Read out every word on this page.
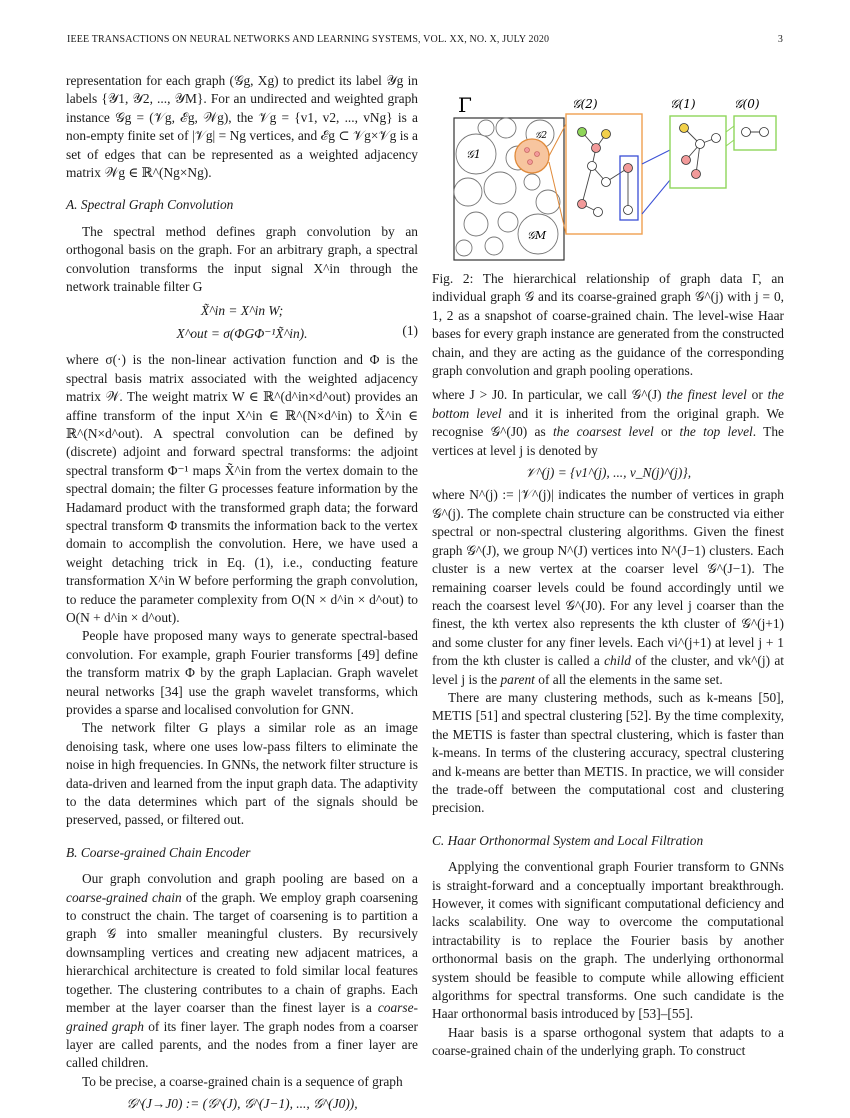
IEEE TRANSACTIONS ON NEURAL NETWORKS AND LEARNING SYSTEMS, VOL. XX, NO. X, JULY 2020	3

representation for each graph (𝒢g, Xg) to predict its label 𝒴g in labels {𝒴1, 𝒴2, ..., 𝒴M}. For an undirected and weighted graph instance 𝒢g = (𝒱g, ℰg, 𝒲g), the 𝒱g = {v1, v2, ..., vNg} is a non-empty finite set of |𝒱g| = Ng vertices, and ℰg ⊂ 𝒱g×𝒱g is a set of edges that can be represented as a weighted adjacency matrix 𝒲g ∈ ℝ^(Ng×Ng).

A. Spectral Graph Convolution

The spectral method defines graph convolution by an orthogonal basis on the graph. For an arbitrary graph, a spectral convolution transforms the input signal X^in through the network trainable filter G

X̃^in = X^in W;
X^out = σ(ΦGΦ⁻¹X̃^in).	(1)

where σ(·) is the non-linear activation function and Φ is the spectral basis matrix associated with the weighted adjacency matrix 𝒲. The weight matrix W ∈ ℝ^(d^in×d^out) provides an affine transform of the input X^in ∈ ℝ^(N×d^in) to X̃^in ∈ ℝ^(N×d^out). A spectral convolution can be defined by (discrete) adjoint and forward spectral transforms: the adjoint spectral transform Φ⁻¹ maps X̃^in from the vertex domain to the spectral domain; the filter G processes feature information by the Hadamard product with the transformed graph data; the forward spectral transform Φ transmits the information back to the vertex domain to accomplish the convolution. Here, we have used a weight detaching trick in Eq. (1), i.e., conducting feature transformation X^in W before performing the graph convolution, to reduce the parameter complexity from O(N × d^in × d^out) to O(N + d^in × d^out).

People have proposed many ways to generate spectral-based convolution. For example, graph Fourier transforms [49] define the transform matrix Φ by the graph Laplacian. Graph wavelet neural networks [34] use the graph wavelet transforms, which provides a sparse and localised convolution for GNN.

The network filter G plays a similar role as an image denoising task, where one uses low-pass filters to eliminate the noise in high frequencies. In GNNs, the network filter structure is data-driven and learned from the input graph data. The adaptivity to the data determines which part of the signals should be preserved, passed, or filtered out.

B. Coarse-grained Chain Encoder

Our graph convolution and graph pooling are based on a coarse-grained chain of the graph. We employ graph coarsening to construct the chain. The target of coarsening is to partition a graph 𝒢 into smaller meaningful clusters. By recursively downsampling vertices and creating new adjacent matrices, a hierarchical architecture is created to fold similar local features together. The clustering contributes to a chain of graphs. Each member at the layer coarser than the finest layer is a coarse-grained graph of its finer layer. The graph nodes from a coarser layer are called parents, and the nodes from a finer layer are called children.

To be precise, a coarse-grained chain is a sequence of graph

𝒢^(J→J0) := (𝒢^(J), 𝒢^(J−1), ..., 𝒢^(J0)),
Γ	𝒢(2)	𝒢(1)	𝒢(0)
𝒢1
𝒢2
𝒢M

Fig. 2: The hierarchical relationship of graph data Γ, an individual graph 𝒢 and its coarse-grained graph 𝒢^(j) with j = 0, 1, 2 as a snapshot of coarse-grained chain. The level-wise Haar bases for every graph instance are generated from the constructed chain, and they are acting as the guidance of the corresponding graph convolution and graph pooling operations.

where J > J0. In particular, we call 𝒢^(J) the finest level or the bottom level and it is inherited from the original graph. We recognise 𝒢^(J0) as the coarsest level or the top level. The vertices at level j is denoted by

𝒱^(j) = {v1^(j), ..., v_N(j)^(j)},

where N^(j) := |𝒱^(j)| indicates the number of vertices in graph 𝒢^(j). The complete chain structure can be constructed via either spectral or non-spectral clustering algorithms. Given the finest graph 𝒢^(J), we group N^(J) vertices into N^(J−1) clusters. Each cluster is a new vertex at the coarser level 𝒢^(J−1). The remaining coarser levels could be found accordingly until we reach the coarsest level 𝒢^(J0). For any level j coarser than the finest, the kth vertex also represents the kth cluster of 𝒢^(j+1) and some cluster for any finer levels. Each vi^(j+1) at level j + 1 from the kth cluster is called a child of the cluster, and vk^(j) at level j is the parent of all the elements in the same set.

There are many clustering methods, such as k-means [50], METIS [51] and spectral clustering [52]. By the time complexity, the METIS is faster than spectral clustering, which is faster than k-means. In terms of the clustering accuracy, spectral clustering and k-means are better than METIS. In practice, we will consider the trade-off between the computational cost and clustering precision.

C. Haar Orthonormal System and Local Filtration

Applying the conventional graph Fourier transform to GNNs is straight-forward and a conceptually important breakthrough. However, it comes with significant computational deficiency and lacks scalability. One way to overcome the computational intractability is to replace the Fourier basis by another orthonormal basis on the graph. The underlying orthonormal system should be feasible to compute while allowing efficient algorithms for spectral transforms. One such candidate is the Haar orthonormal basis introduced by [53]–[55].

Haar basis is a sparse orthogonal system that adapts to a coarse-grained chain of the underlying graph. To construct
